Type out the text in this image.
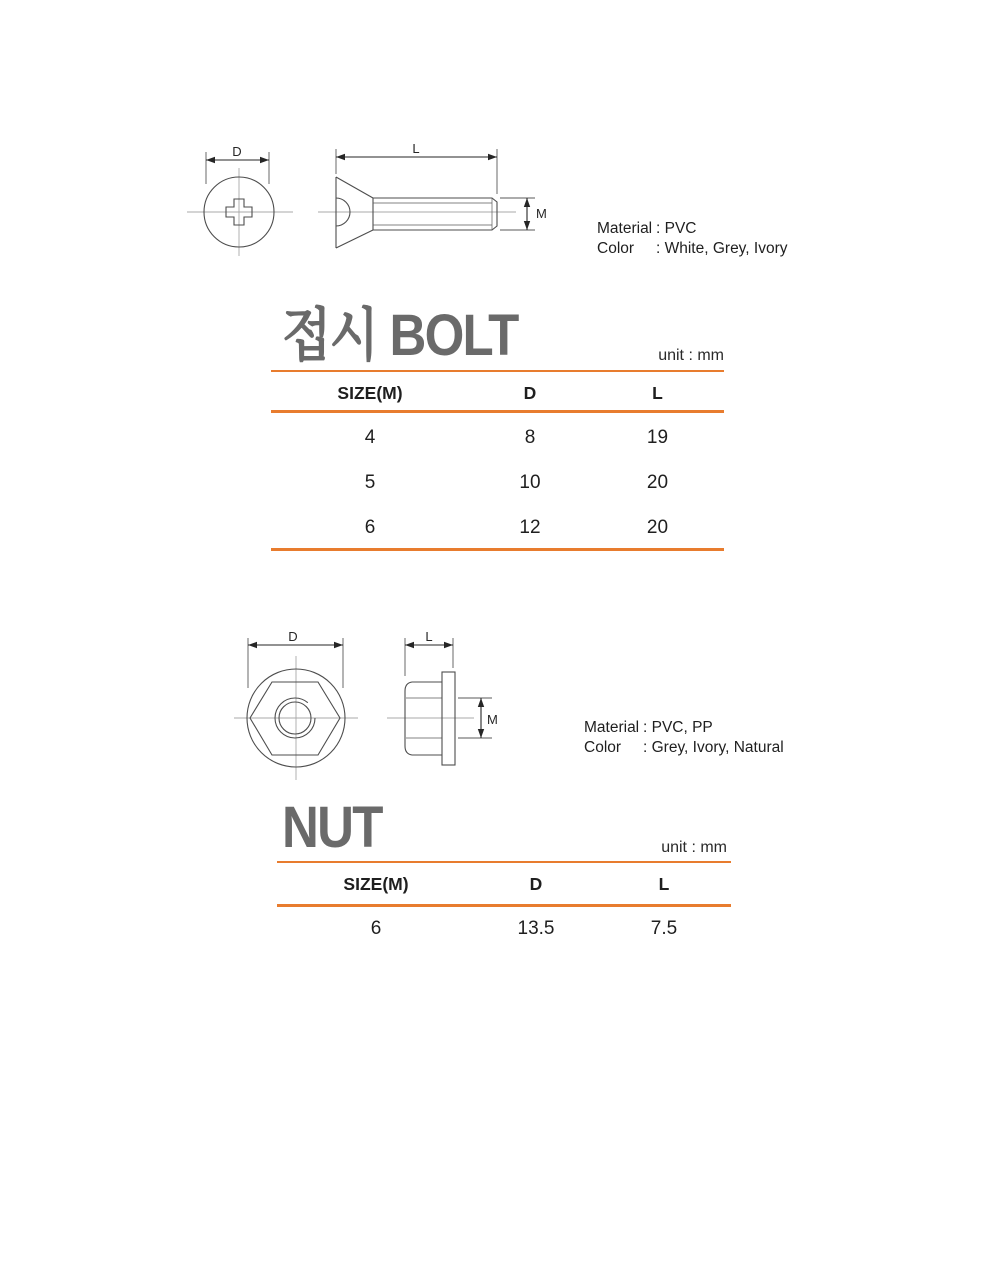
D	L
M
Material : PVC
Color	: White, Grey, Ivory
접시 BOLT	unit : mm
SIZE(M)	D	L
4	8	19
5	10	20
6	12	20
D	L
M	Material : PVC, PP
Color	: Grey, Ivory, Natural
NUT	unit : mm
SIZE(M)	D	L
6	13.5	7.5
